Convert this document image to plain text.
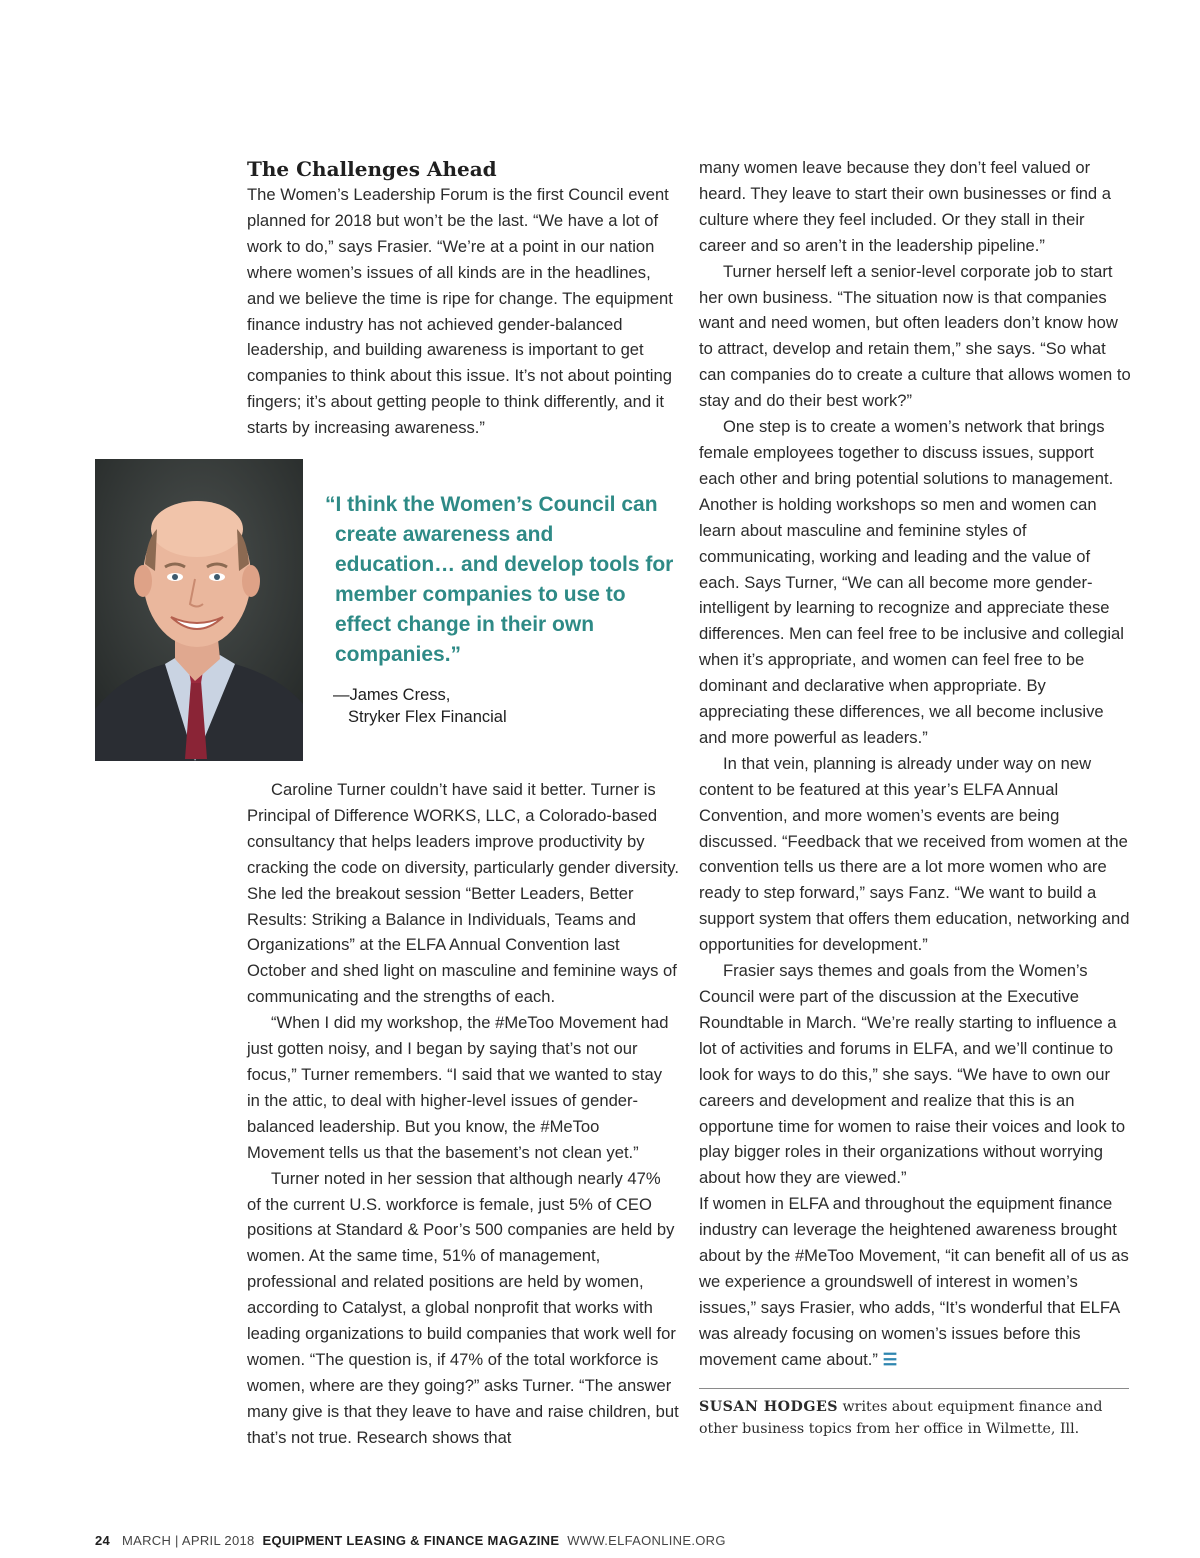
The Challenges Ahead

The Women’s Leadership Forum is the first Council event planned for 2018 but won’t be the last. “We have a lot of work to do,” says Frasier. “We’re at a point in our nation where women’s issues of all kinds are in the headlines, and we believe the time is ripe for change. The equipment finance industry has not achieved gender-balanced leadership, and building awareness is important to get companies to think about this issue. It’s not about pointing fingers; it’s about getting people to think differently, and it starts by increasing awareness.”

“I think the Women’s Council can create awareness and education… and develop tools for member companies to use to effect change in their own companies.”
—James Cress,
Stryker Flex Financial

Caroline Turner couldn’t have said it better. Turner is Principal of Difference WORKS, LLC, a Colorado-based consultancy that helps leaders improve productivity by cracking the code on diversity, particularly gender diversity. She led the breakout session “Better Leaders, Better Results: Striking a Balance in Individuals, Teams and Organizations” at the ELFA Annual Convention last October and shed light on masculine and feminine ways of communicating and the strengths of each.

“When I did my workshop, the #MeToo Movement had just gotten noisy, and I began by saying that’s not our focus,” Turner remembers. “I said that we wanted to stay in the attic, to deal with higher-level issues of gender-balanced leadership. But you know, the #MeToo Movement tells us that the basement’s not clean yet.”

Turner noted in her session that although nearly 47% of the current U.S. workforce is female, just 5% of CEO positions at Standard & Poor’s 500 companies are held by women. At the same time, 51% of management, professional and related positions are held by women, according to Catalyst, a global nonprofit that works with leading organizations to build companies that work well for women. “The question is, if 47% of the total workforce is women, where are they going?” asks Turner. “The answer many give is that they leave to have and raise children, but that’s not true. Research shows that

many women leave because they don’t feel valued or heard. They leave to start their own businesses or find a culture where they feel included. Or they stall in their career and so aren’t in the leadership pipeline.”

Turner herself left a senior-level corporate job to start her own business. “The situation now is that companies want and need women, but often leaders don’t know how to attract, develop and retain them,” she says. “So what can companies do to create a culture that allows women to stay and do their best work?”

One step is to create a women’s network that brings female employees together to discuss issues, support each other and bring potential solutions to management. Another is holding workshops so men and women can learn about masculine and feminine styles of communicating, working and leading and the value of each. Says Turner, “We can all become more gender-intelligent by learning to recognize and appreciate these differences. Men can feel free to be inclusive and collegial when it’s appropriate, and women can feel free to be dominant and declarative when appropriate. By appreciating these differences, we all become inclusive and more powerful as leaders.”

In that vein, planning is already under way on new content to be featured at this year’s ELFA Annual Convention, and more women’s events are being discussed. “Feedback that we received from women at the convention tells us there are a lot more women who are ready to step forward,” says Fanz. “We want to build a support system that offers them education, networking and opportunities for development.”

Frasier says themes and goals from the Women’s Council were part of the discussion at the Executive Roundtable in March. “We’re really starting to influence a lot of activities and forums in ELFA, and we’ll continue to look for ways to do this,” she says. “We have to own our careers and development and realize that this is an opportune time for women to raise their voices and look to play bigger roles in their organizations without worrying about how they are viewed.”

If women in ELFA and throughout the equipment finance industry can leverage the heightened awareness brought about by the #MeToo Movement, “it can benefit all of us as we experience a groundswell of interest in women’s issues,” says Frasier, who adds, “It’s wonderful that ELFA was already focusing on women’s issues before this movement came about.” ☰

SUSAN HODGES writes about equipment finance and other business topics from her office in Wilmette, Ill.
24 MARCH | APRIL 2018 EQUIPMENT LEASING & FINANCE MAGAZINE WWW.ELFAONLINE.ORG
